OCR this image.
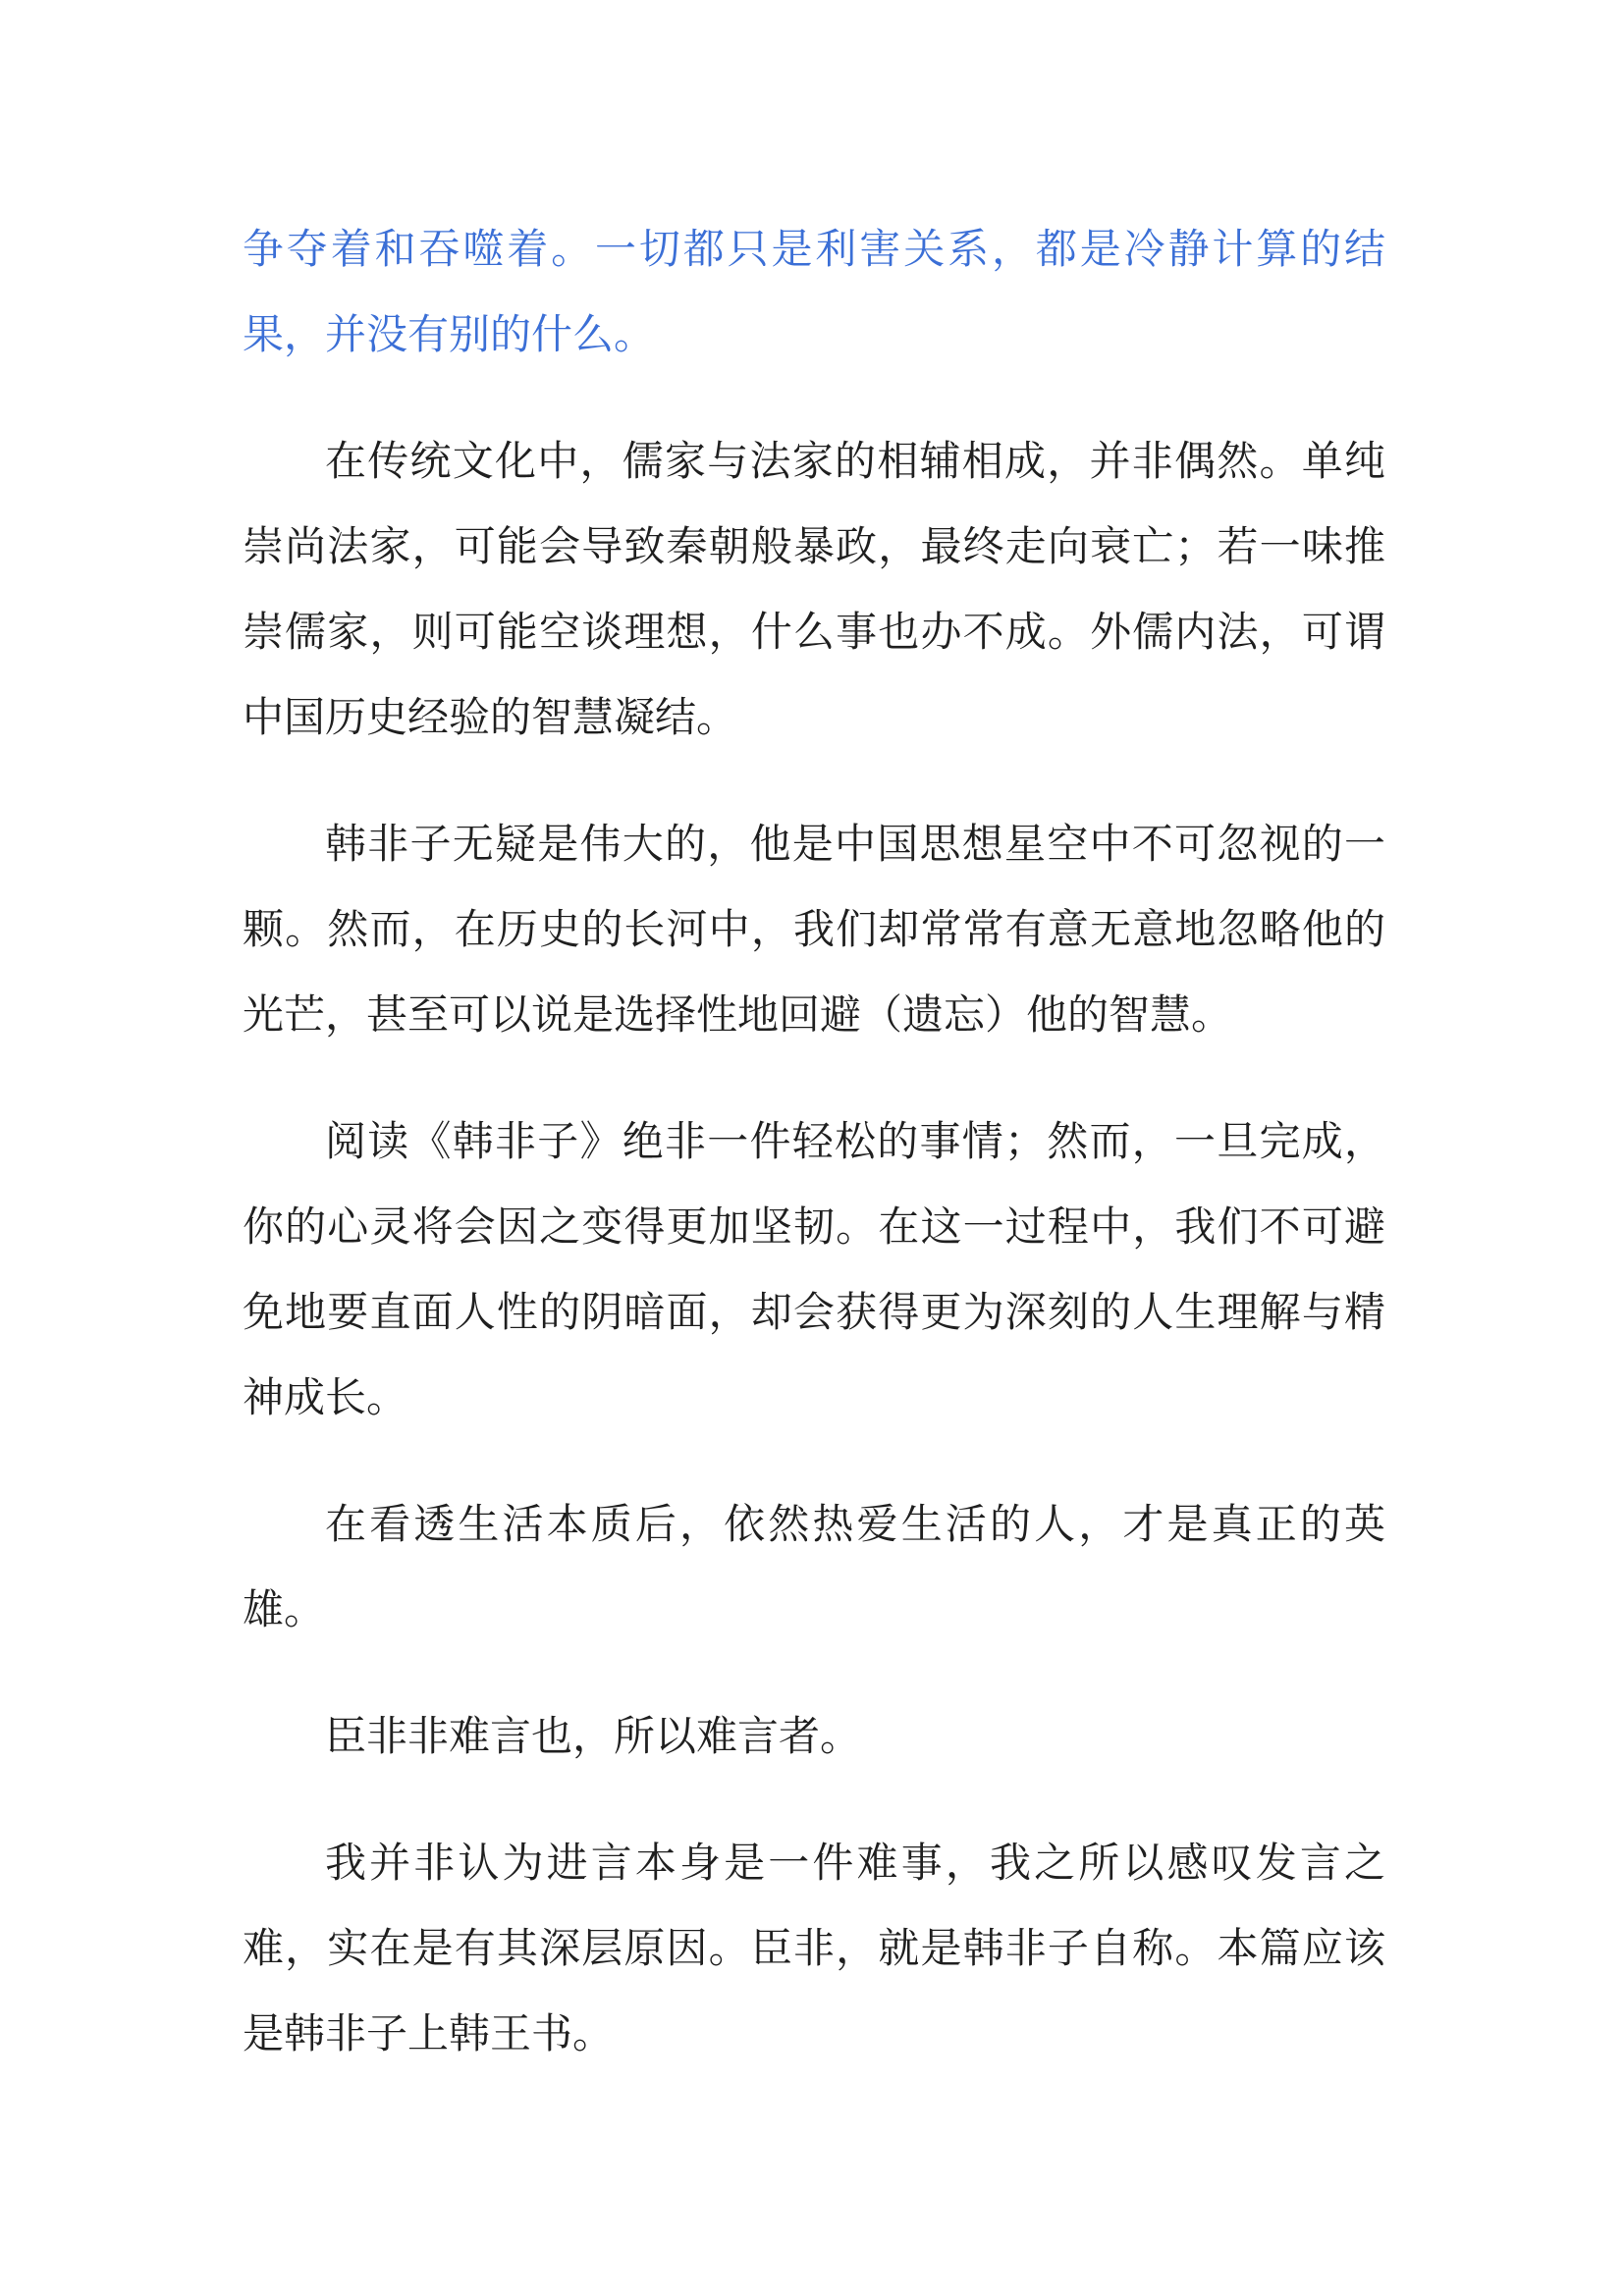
争夺着和吞噬着。一切都只是利害关系，都是冷静计算的结果，并没有别的什么。

在传统文化中，儒家与法家的相辅相成，并非偶然。单纯崇尚法家，可能会导致秦朝般暴政，最终走向衰亡；若一味推崇儒家，则可能空谈理想，什么事也办不成。外儒内法，可谓中国历史经验的智慧凝结。

韩非子无疑是伟大的，他是中国思想星空中不可忽视的一颗。然而，在历史的长河中，我们却常常有意无意地忽略他的光芒，甚至可以说是选择性地回避（遗忘）他的智慧。

阅读《韩非子》绝非一件轻松的事情；然而，一旦完成，你的心灵将会因之变得更加坚韧。在这一过程中，我们不可避免地要直面人性的阴暗面，却会获得更为深刻的人生理解与精神成长。

在看透生活本质后，依然热爱生活的人，才是真正的英雄。

臣非非难言也，所以难言者。

我并非认为进言本身是一件难事，我之所以感叹发言之难，实在是有其深层原因。臣非，就是韩非子自称。本篇应该是韩非子上韩王书。
